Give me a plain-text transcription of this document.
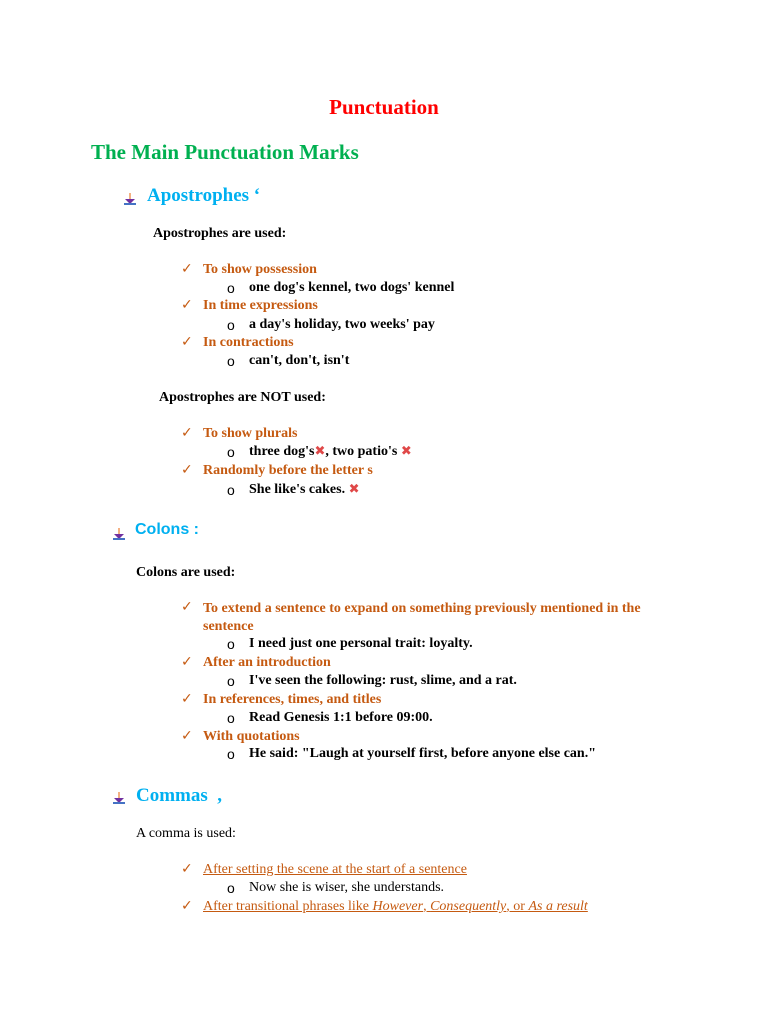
Punctuation
The Main Punctuation Marks
Apostrophes ‘
Apostrophes are used:
✓ To show possession
o one dog's kennel, two dogs' kennel
✓ In time expressions
o a day's holiday, two weeks' pay
✓ In contractions
o can't, don't, isn't
Apostrophes are NOT used:
✓ To show plurals
o three dog's✖, two patio's ✖
✓ Randomly before the letter s
o She like's cakes. ✖
Colons :
Colons are used:
✓ To extend a sentence to expand on something previously mentioned in the sentence
o I need just one personal trait: loyalty.
✓ After an introduction
o I've seen the following: rust, slime, and a rat.
✓ In references, times, and titles
o Read Genesis 1:1 before 09:00.
✓ With quotations
o He said: "Laugh at yourself first, before anyone else can."
Commas  ,
A comma is used:
✓ After setting the scene at the start of a sentence
o Now she is wiser, she understands.
✓ After transitional phrases like However, Consequently, or As a result
